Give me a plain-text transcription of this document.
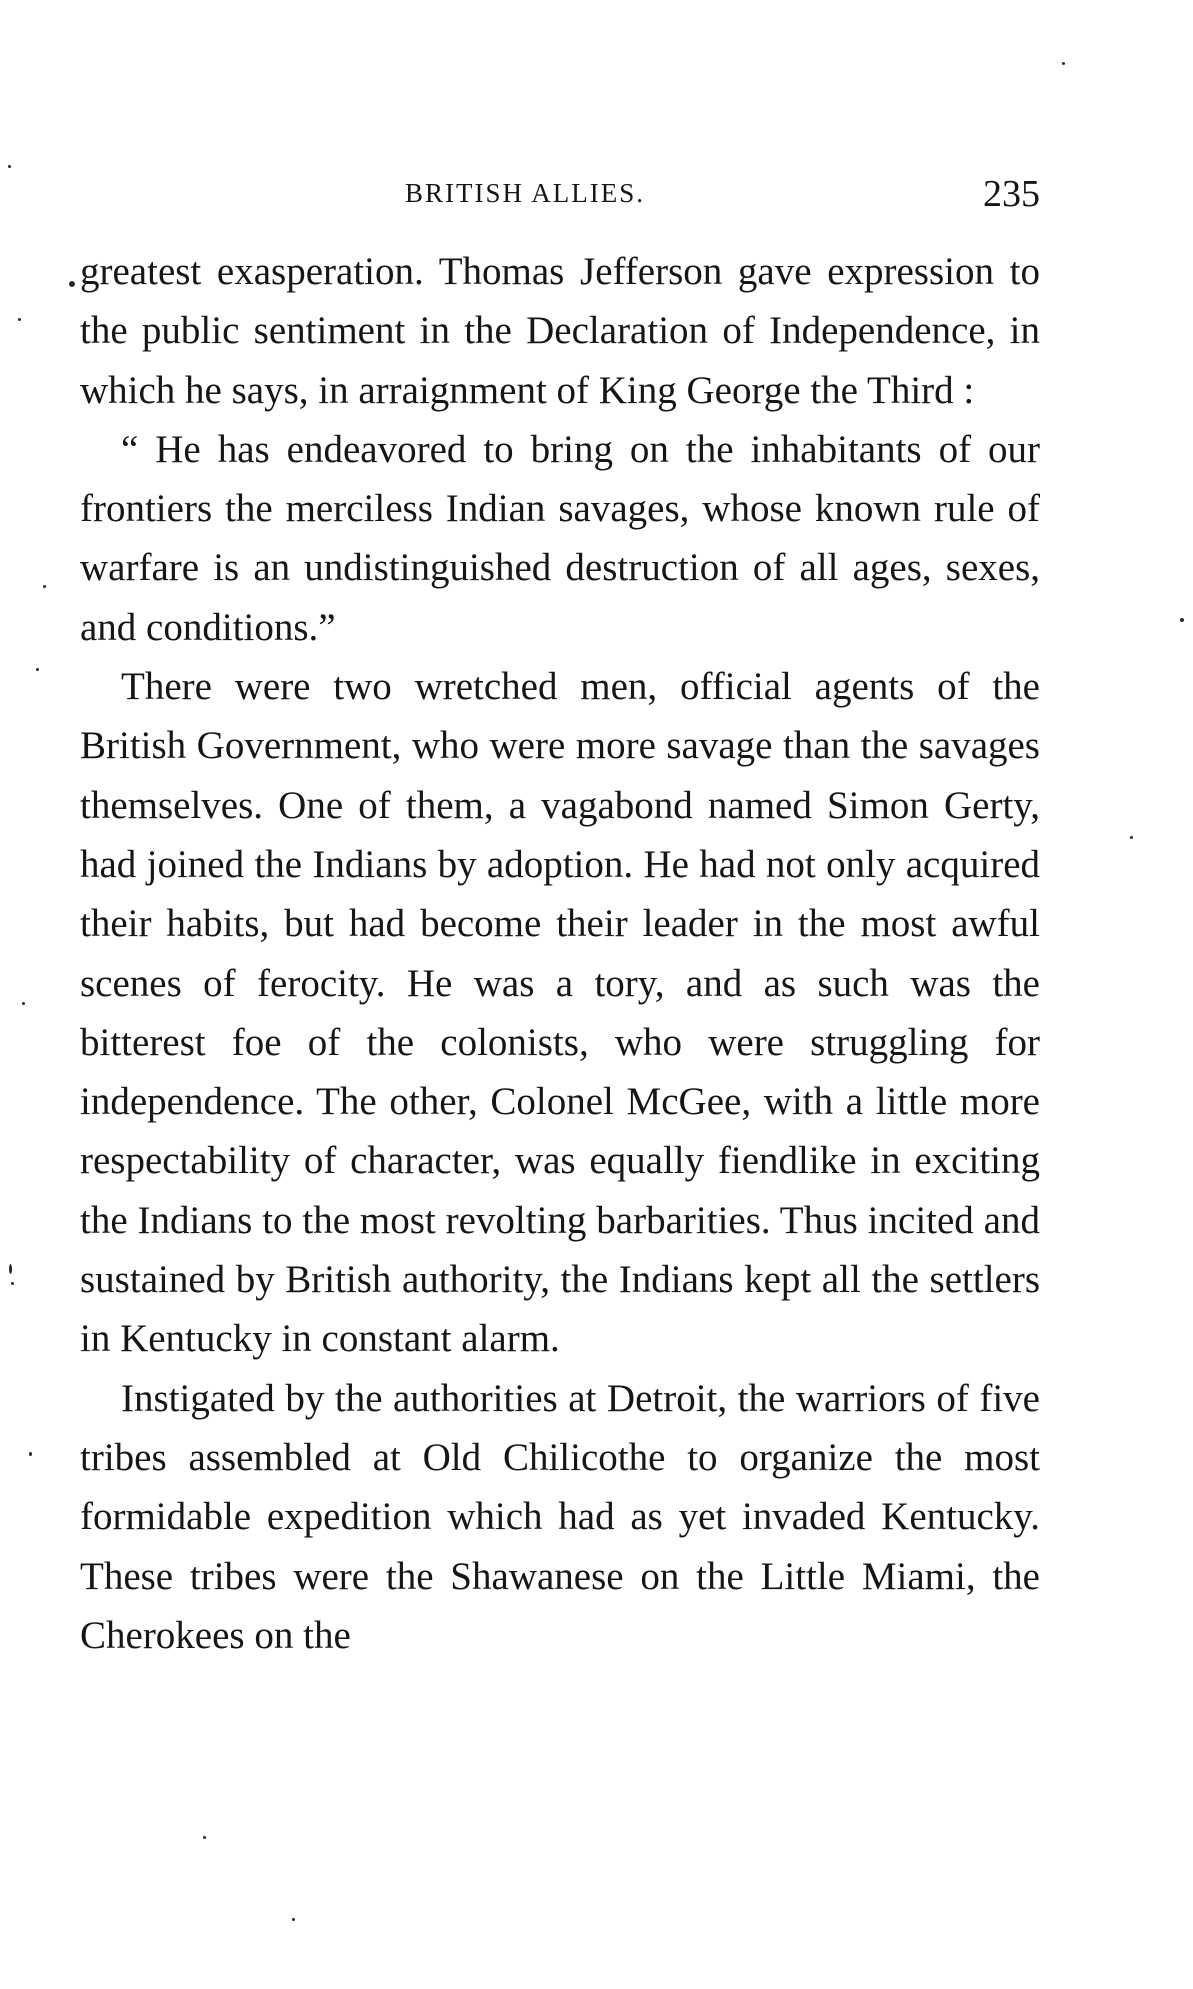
BRITISH ALLIES.	235

greatest exasperation. Thomas Jefferson gave expression to the public sentiment in the Declaration of Independence, in which he says, in arraignment of King George the Third :

“ He has endeavored to bring on the inhabitants of our frontiers the merciless Indian savages, whose known rule of warfare is an undistinguished destruction of all ages, sexes, and conditions.”

There were two wretched men, official agents of the British Government, who were more savage than the savages themselves. One of them, a vagabond named Simon Gerty, had joined the Indians by adoption. He had not only acquired their habits, but had become their leader in the most awful scenes of ferocity. He was a tory, and as such was the bitterest foe of the colonists, who were struggling for independence. The other, Colonel McGee, with a little more respectability of character, was equally fiendlike in exciting the Indians to the most revolting barbarities. Thus incited and sustained by British authority, the Indians kept all the settlers in Kentucky in constant alarm.

Instigated by the authorities at Detroit, the warriors of five tribes assembled at Old Chilicothe to organize the most formidable expedition which had as yet invaded Kentucky. These tribes were the Shawanese on the Little Miami, the Cherokees on the
